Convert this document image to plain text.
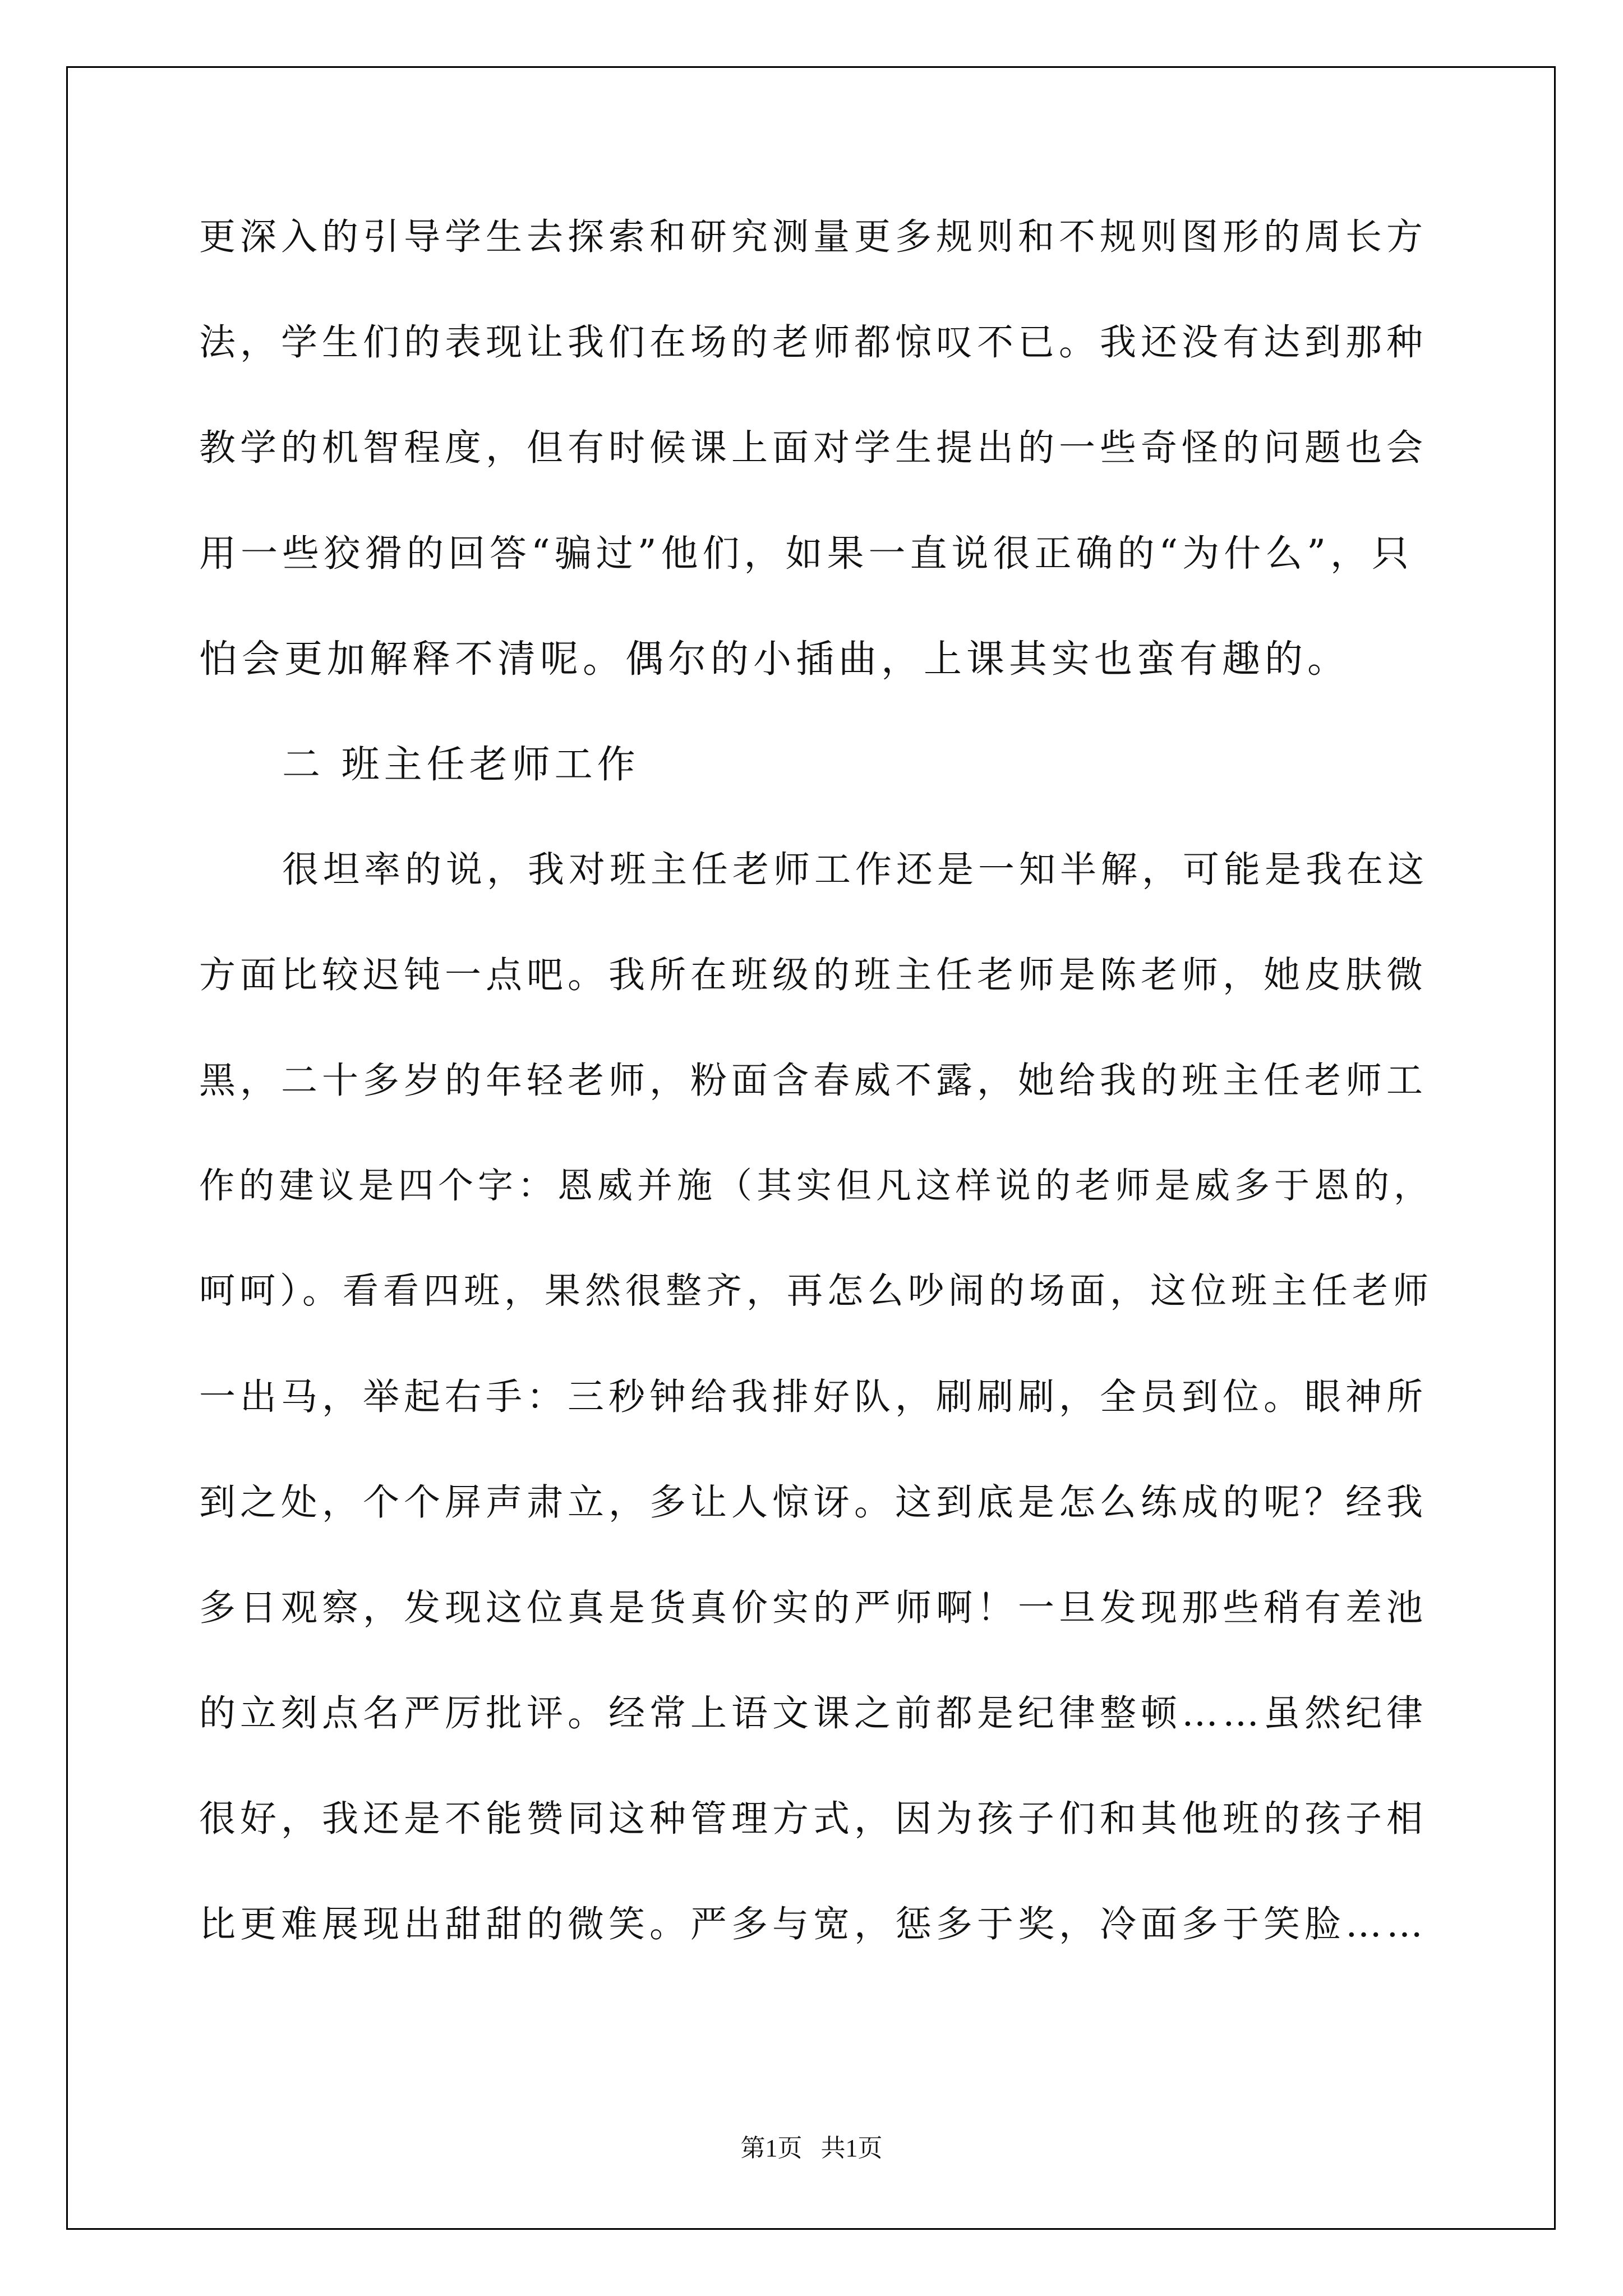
更深入的引导学生去探索和研究测量更多规则和不规则图形的周长方
法，学生们的表现让我们在场的老师都惊叹不已。我还没有达到那种
教学的机智程度，但有时候课上面对学生提出的一些奇怪的问题也会
用一些狡猾的回答“骗过”他们，如果一直说很正确的“为什么”，只
怕会更加解释不清呢。偶尔的小插曲，上课其实也蛮有趣的。
二 班主任老师工作
很坦率的说，我对班主任老师工作还是一知半解，可能是我在这
方面比较迟钝一点吧。我所在班级的班主任老师是陈老师，她皮肤微
黑，二十多岁的年轻老师，粉面含春威不露，她给我的班主任老师工
作的建议是四个字：恩威并施（其实但凡这样说的老师是威多于恩的，
呵呵）。看看四班，果然很整齐，再怎么吵闹的场面，这位班主任老师
一出马，举起右手：三秒钟给我排好队，刷刷刷，全员到位。眼神所
到之处，个个屏声肃立，多让人惊讶。这到底是怎么练成的呢？经我
多日观察，发现这位真是货真价实的严师啊！一旦发现那些稍有差池
的立刻点名严厉批评。经常上语文课之前都是纪律整顿……虽然纪律
很好，我还是不能赞同这种管理方式，因为孩子们和其他班的孩子相
比更难展现出甜甜的微笑。严多与宽，惩多于奖，冷面多于笑脸……
第1页   共1页
